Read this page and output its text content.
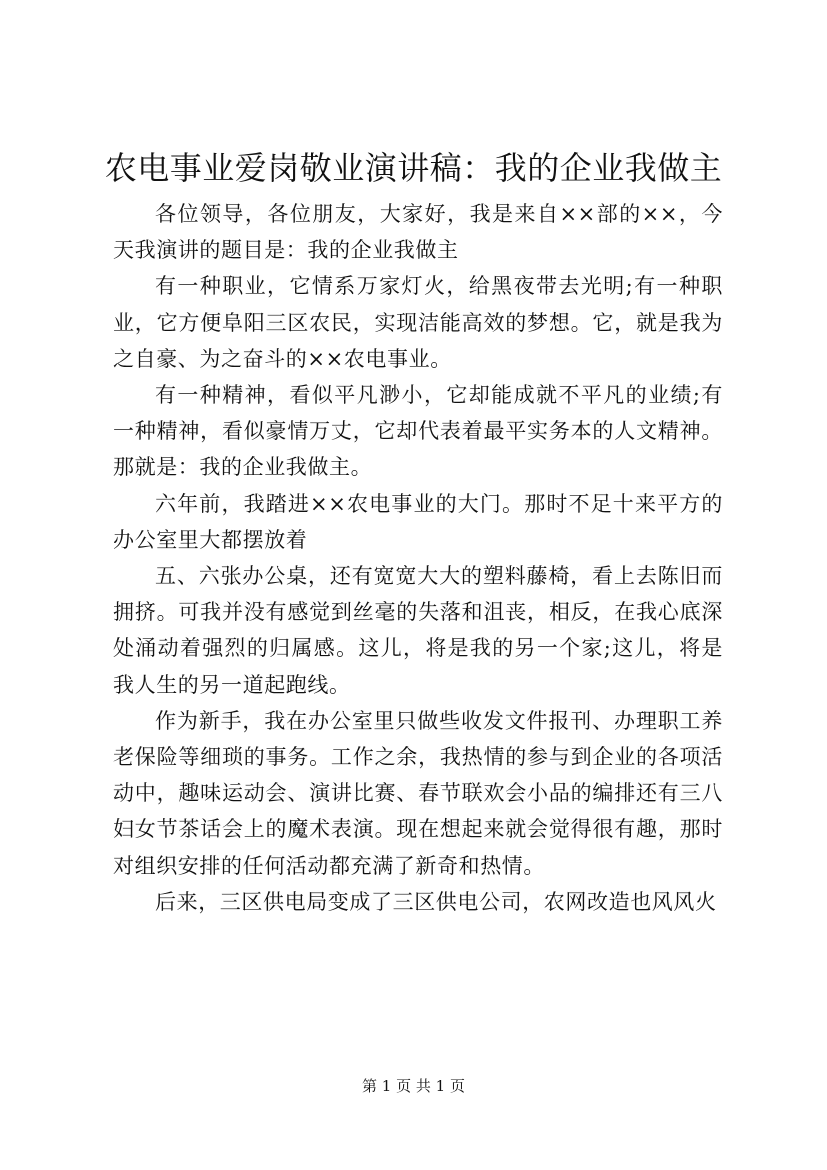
农电事业爱岗敬业演讲稿：我的企业我做主

各位领导，各位朋友，大家好，我是来自××部的××，今天我演讲的题目是：我的企业我做主

有一种职业，它情系万家灯火，给黑夜带去光明;有一种职业，它方便阜阳三区农民，实现洁能高效的梦想。它，就是我为之自豪、为之奋斗的××农电事业。

有一种精神，看似平凡渺小，它却能成就不平凡的业绩;有一种精神，看似豪情万丈，它却代表着最平实务本的人文精神。那就是：我的企业我做主。

六年前，我踏进××农电事业的大门。那时不足十来平方的办公室里大都摆放着

五、六张办公桌，还有宽宽大大的塑料藤椅，看上去陈旧而拥挤。可我并没有感觉到丝毫的失落和沮丧，相反，在我心底深处涌动着强烈的归属感。这儿，将是我的另一个家;这儿，将是我人生的另一道起跑线。

作为新手，我在办公室里只做些收发文件报刊、办理职工养老保险等细琐的事务。工作之余，我热情的参与到企业的各项活动中，趣味运动会、演讲比赛、春节联欢会小品的编排还有三八妇女节茶话会上的魔术表演。现在想起来就会觉得很有趣，那时对组织安排的任何活动都充满了新奇和热情。

后来，三区供电局变成了三区供电公司，农网改造也风风火

第 1 页 共 1 页
